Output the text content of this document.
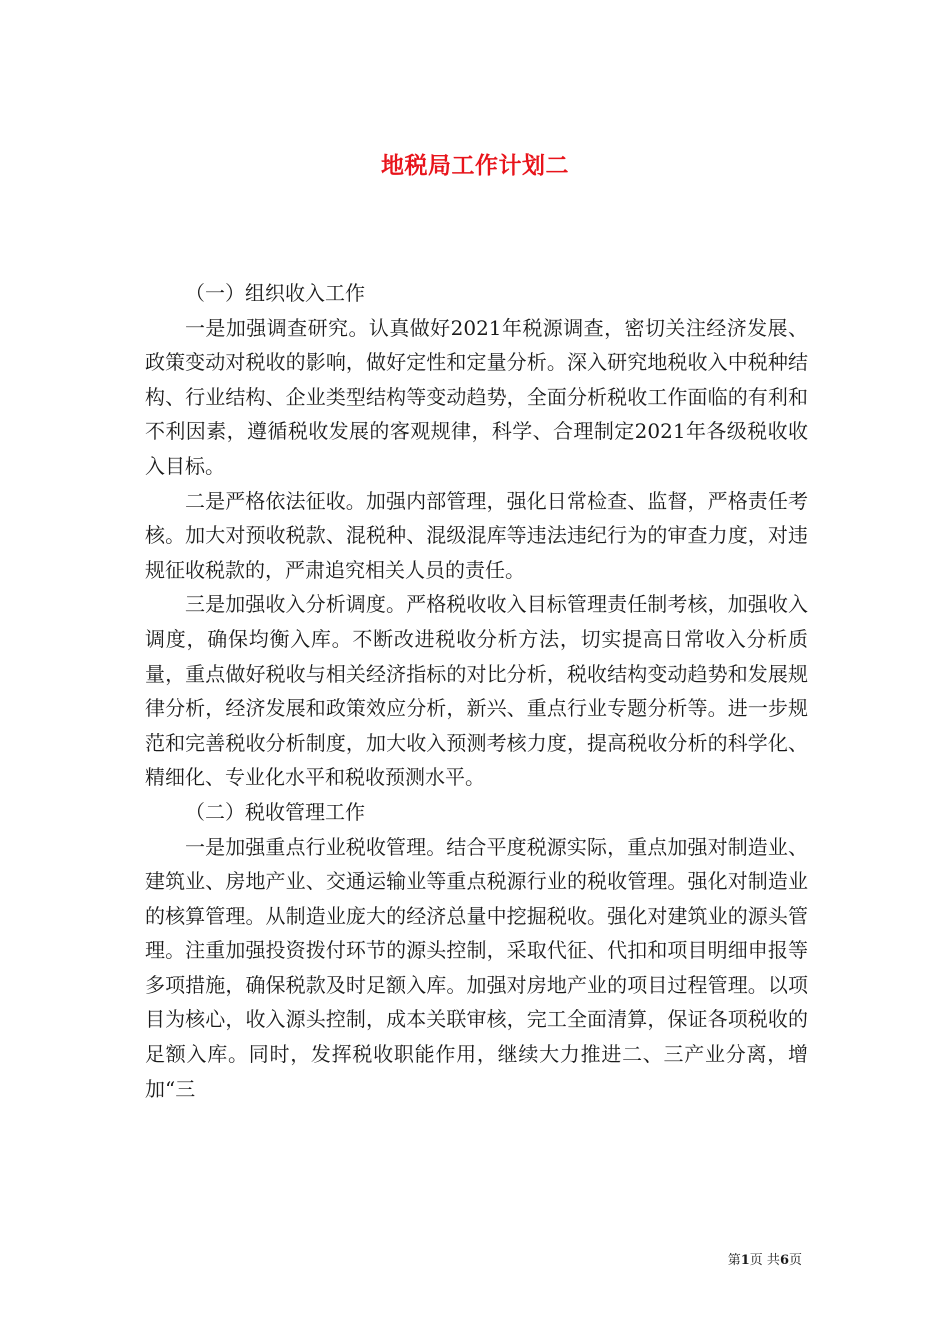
地税局工作计划二

（一）组织收入工作

一是加强调查研究。认真做好2021年税源调查，密切关注经济发展、政策变动对税收的影响，做好定性和定量分析。深入研究地税收入中税种结构、行业结构、企业类型结构等变动趋势，全面分析税收工作面临的有利和不利因素，遵循税收发展的客观规律，科学、合理制定2021年各级税收收入目标。

二是严格依法征收。加强内部管理，强化日常检查、监督，严格责任考核。加大对预收税款、混税种、混级混库等违法违纪行为的审查力度，对违规征收税款的，严肃追究相关人员的责任。

三是加强收入分析调度。严格税收收入目标管理责任制考核，加强收入调度，确保均衡入库。不断改进税收分析方法，切实提高日常收入分析质量，重点做好税收与相关经济指标的对比分析，税收结构变动趋势和发展规律分析，经济发展和政策效应分析，新兴、重点行业专题分析等。进一步规范和完善税收分析制度，加大收入预测考核力度，提高税收分析的科学化、精细化、专业化水平和税收预测水平。

（二）税收管理工作

一是加强重点行业税收管理。结合平度税源实际，重点加强对制造业、建筑业、房地产业、交通运输业等重点税源行业的税收管理。强化对制造业的核算管理。从制造业庞大的经济总量中挖掘税收。强化对建筑业的源头管理。注重加强投资拨付环节的源头控制，采取代征、代扣和项目明细申报等多项措施，确保税款及时足额入库。加强对房地产业的项目过程管理。以项目为核心，收入源头控制，成本关联审核，完工全面清算，保证各项税收的足额入库。同时，发挥税收职能作用，继续大力推进二、三产业分离，增加“三

第1页 共6页
